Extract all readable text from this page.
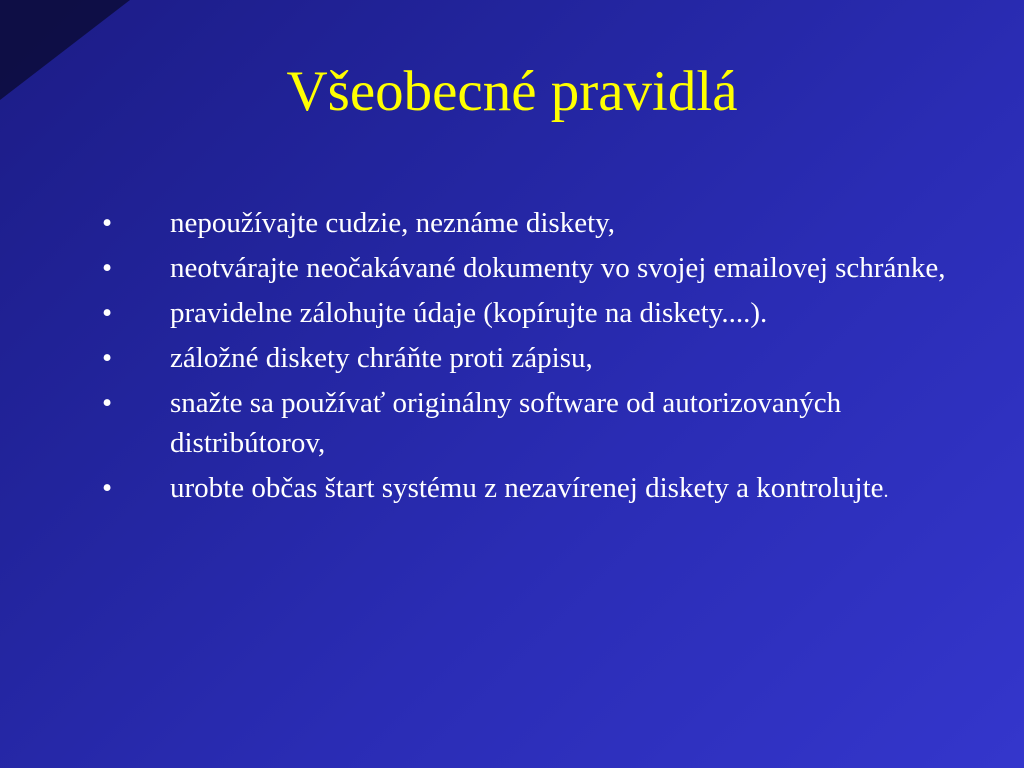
Všeobecné pravidlá
•	nepoužívajte cudzie, neznáme diskety,
•	neotvárajte neočakávané dokumenty vo svojej emailovej schránke,
•	pravidelne zálohujte údaje (kopírujte na diskety....).
•	záložné diskety chráňte proti zápisu,
•	snažte sa používať originálny software od autorizovaných distribútorov,
•	urobte občas štart systému z nezavírenej diskety a kontrolujte.
